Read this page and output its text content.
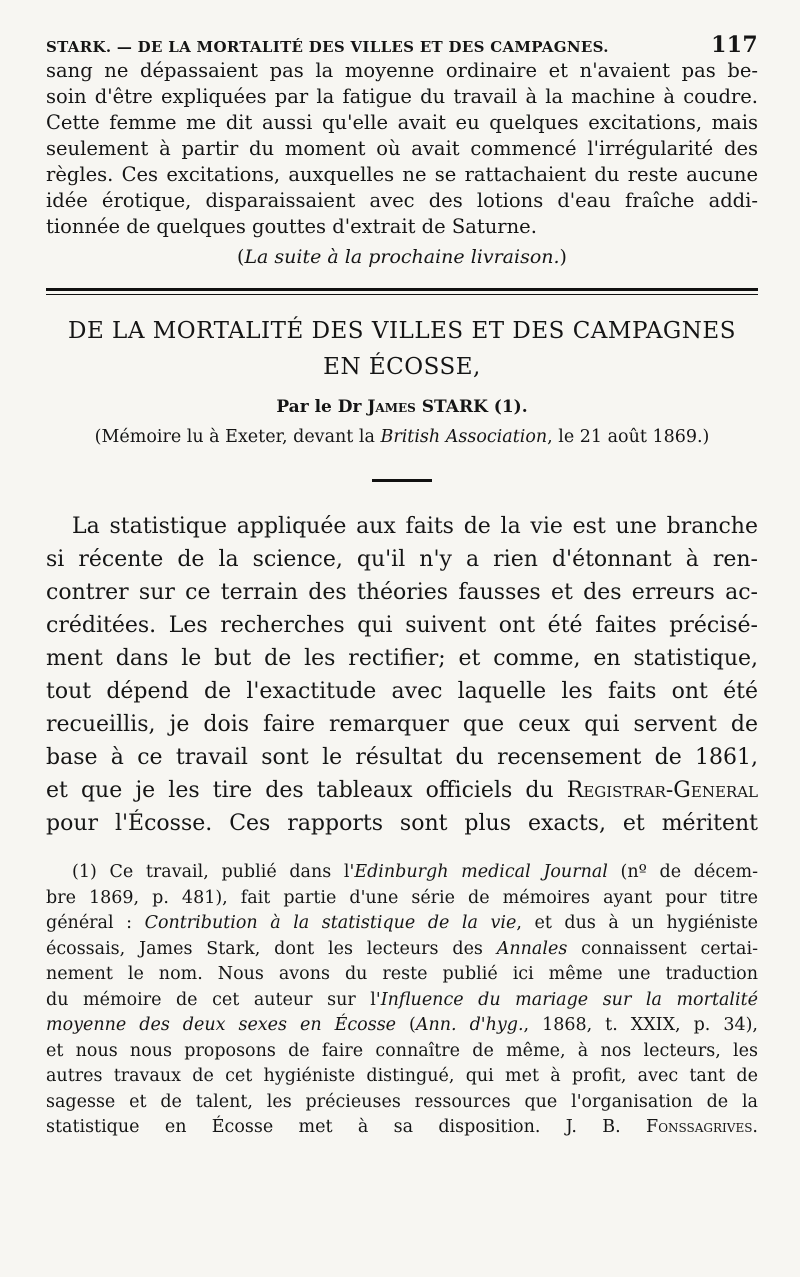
STARK. — DE LA MORTALITÉ DES VILLES ET DES CAMPAGNES.	117
sang ne dépassaient pas la moyenne ordinaire et n'avaient pas be-
soin d'être expliquées par la fatigue du travail à la machine à coudre.
Cette femme me dit aussi qu'elle avait eu quelques excitations, mais
seulement à partir du moment où avait commencé l'irrégularité des
règles. Ces excitations, auxquelles ne se rattachaient du reste aucune
idée érotique, disparaissaient avec des lotions d'eau fraîche addi-
tionnée de quelques gouttes d'extrait de Saturne.
(La suite à la prochaine livraison.)
DE LA MORTALITÉ DES VILLES ET DES CAMPAGNES
EN ÉCOSSE,
Par le Dr James STARK (1).
(Mémoire lu à Exeter, devant la British Association, le 21 août 1869.)
La statistique appliquée aux faits de la vie est une branche
si récente de la science, qu'il n'y a rien d'étonnant à ren-
contrer sur ce terrain des théories fausses et des erreurs ac-
créditées. Les recherches qui suivent ont été faites précisé-
ment dans le but de les rectifier; et comme, en statistique,
tout dépend de l'exactitude avec laquelle les faits ont été
recueillis, je dois faire remarquer que ceux qui servent de
base à ce travail sont le résultat du recensement de 1861,
et que je les tire des tableaux officiels du Registrar-General
pour l'Écosse. Ces rapports sont plus exacts, et méritent
(1) Ce travail, publié dans l'Edinburgh medical Journal (nº de décem-
bre 1869, p. 481), fait partie d'une série de mémoires ayant pour titre
général : Contribution à la statistique de la vie, et dus à un hygiéniste
écossais, James Stark, dont les lecteurs des Annales connaissent certai-
nement le nom. Nous avons du reste publié ici même une traduction
du mémoire de cet auteur sur l'Influence du mariage sur la mortalité
moyenne des deux sexes en Écosse (Ann. d'hyg., 1868, t. XXIX, p. 34),
et nous nous proposons de faire connaître de même, à nos lecteurs, les
autres travaux de cet hygiéniste distingué, qui met à profit, avec tant de
sagesse et de talent, les précieuses ressources que l'organisation de la
statistique en Écosse met à sa disposition. J. B. Fonssagrives.
